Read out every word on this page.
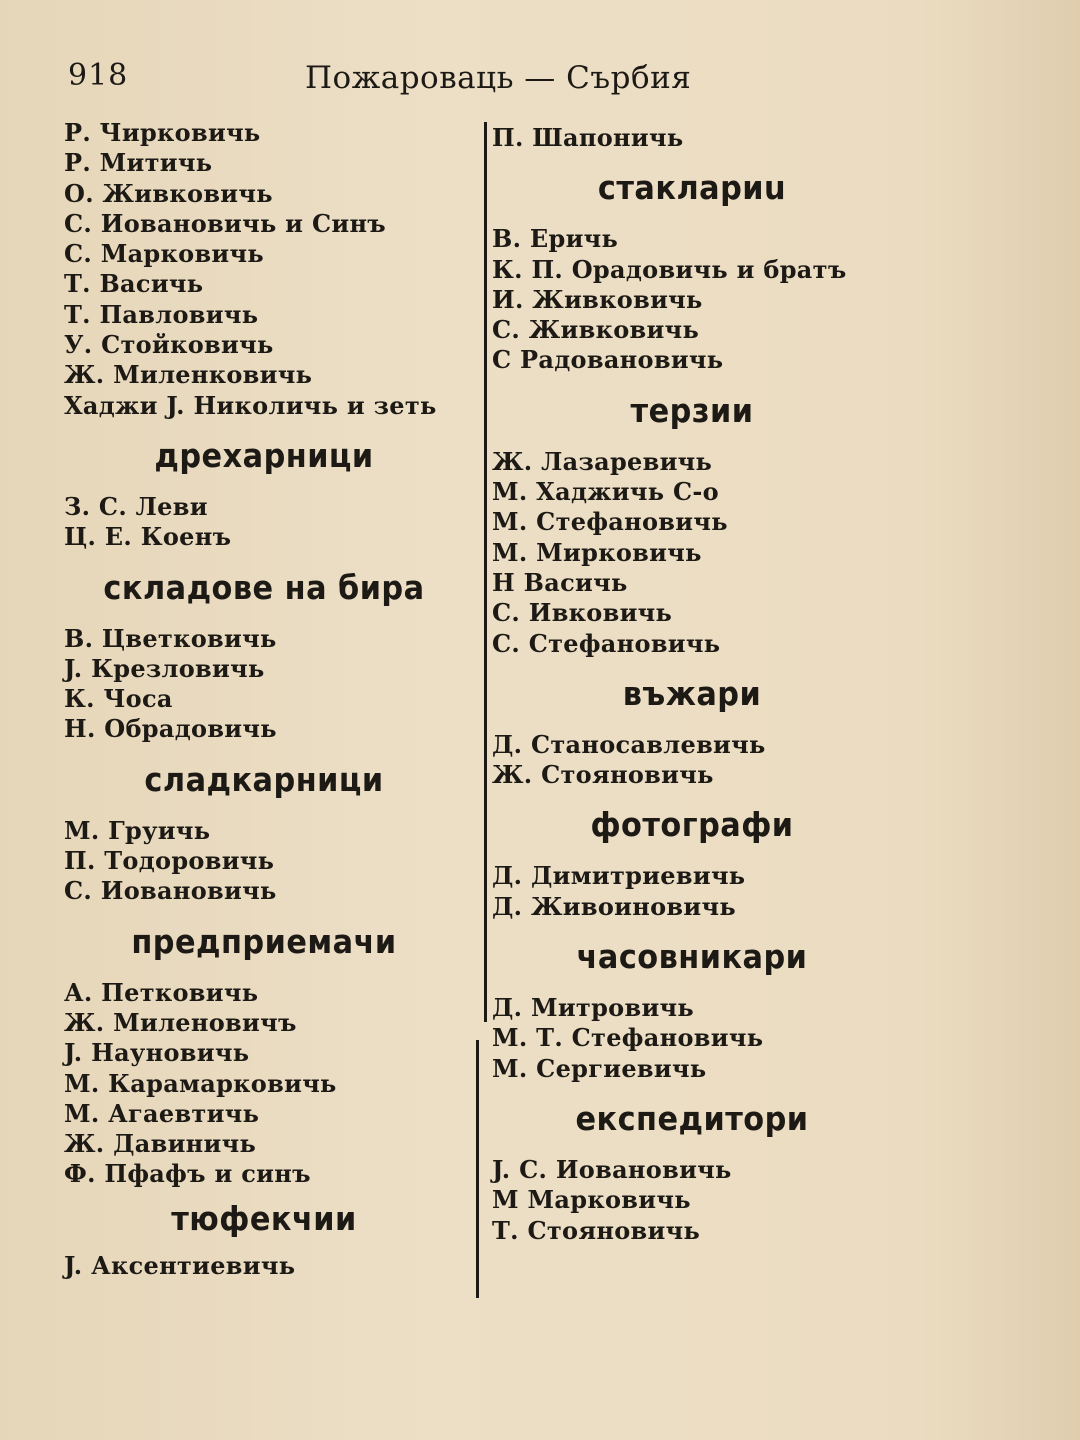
918	Пожароваць — Сърбия
Р. Чирковичь
Р. Митичь
О. Живковичь
С. Иовановичь и Синъ
С. Марковичь
Т. Васичь
Т. Павловичь
У. Стойковичь
Ж. Миленковичь
Хаджи J. Николичь и зеть
дрехарници
З. С. Леви
Ц. Е. Коенъ
складове на бира
В. Цветковичь
J. Крезловичь
К. Чоса
Н. Обрадовичь
сладкарници
М. Груичь
П. Тодоровичь
С. Иовановичь
предприемачи
А. Петковичь
Ж. Миленовичъ
J. Науновичь
М. Карамарковичь
М. Агаевтичь
Ж. Давиничь
Ф. Пфафъ и синъ
тюфекчии
J. Аксентиевичь
П. Шапоничь
стаклариu
В. Еричь
К. П. Орадовичь и братъ
И. Живковичь
С. Живковичь
С Радовановичь
терзии
Ж. Лазаревичь
М. Хаджичь С-о
М. Стефановичь
М. Мирковичь
Н Васичь
С. Ивковичь
С. Стефановичь
въжари
Д. Станосавлевичь
Ж. Стояновичь
фотографи
Д. Димитриевичь
Д. Живоиновичь
часовникари
Д. Митровичь
М. Т. Стефановичь
М. Сергиевичь
експедитори
J. С. Иовановичь
М Марковичь
Т. Стояновичь
